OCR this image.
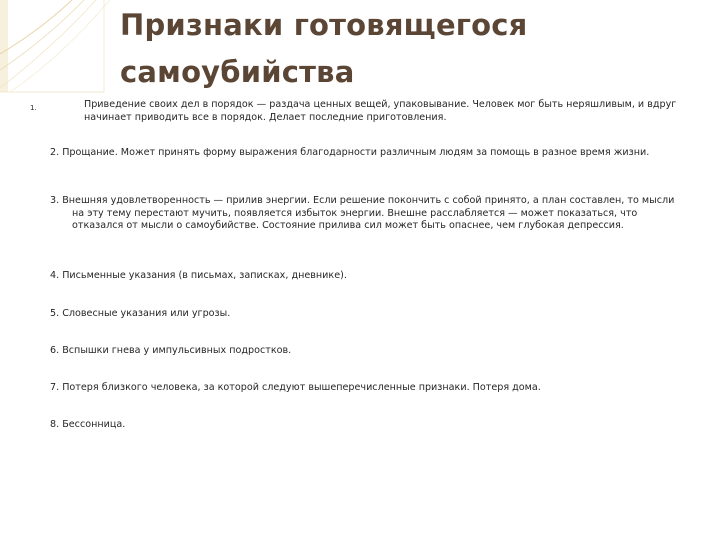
Признаки готовящегося
самоубийства
1.	Приведение своих дел в порядок — раздача ценных вещей, упаковывание. Человек мог быть неряшливым, и вдруг начинает приводить все в порядок. Делает последние приготовления.
2. Прощание. Может принять форму выражения благодарности различным людям за помощь в разное время жизни.
3. Внешняя удовлетворенность — прилив энергии. Если решение покончить с собой принято, а план составлен, то мысли на эту тему перестают мучить, появляется избыток энергии. Внешне расслабляется — может показаться, что отказался от мысли о самоубийстве. Состояние прилива сил может быть опаснее, чем глубокая депрессия.
4. Письменные указания (в письмах, записках, дневнике).
5. Словесные указания или угрозы.
6. Вспышки гнева у импульсивных подростков.
7. Потеря близкого человека, за которой следуют вышеперечисленные признаки. Потеря дома.
8. Бессонница.
